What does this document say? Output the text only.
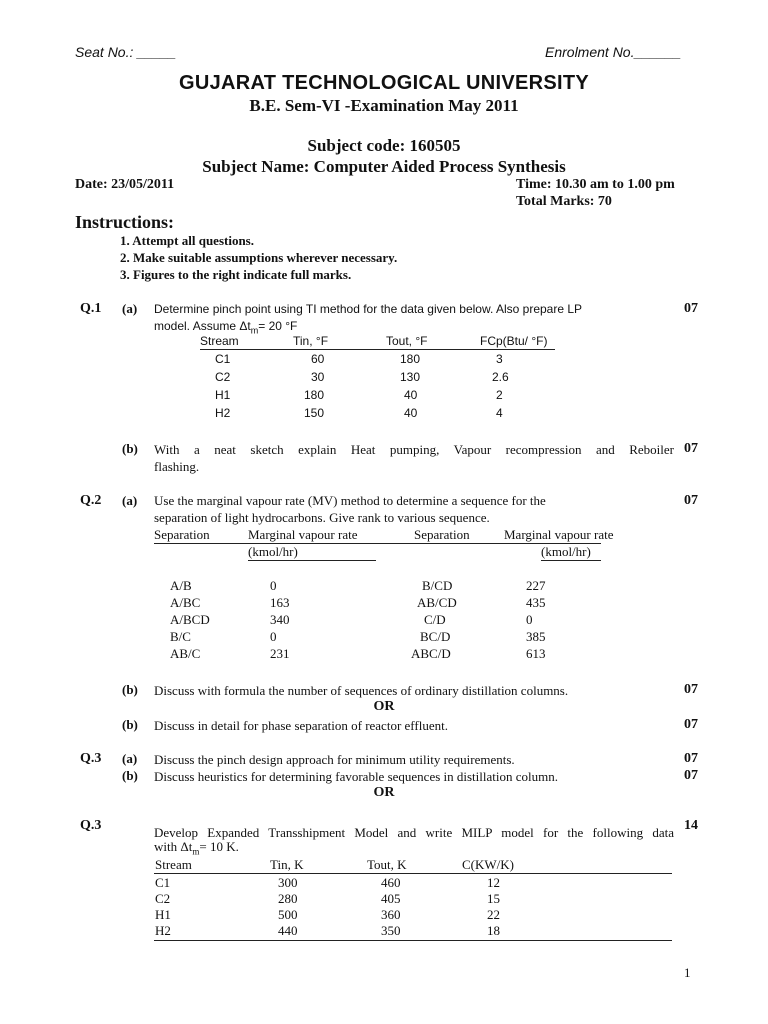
Seat No.: _____	Enrolment No.______
GUJARAT TECHNOLOGICAL UNIVERSITY
B.E. Sem-VI -Examination May 2011
Subject code: 160505
Subject Name: Computer Aided Process Synthesis
Date: 23/05/2011	Time: 10.30 am to 1.00 pm
Total Marks: 70
Instructions:
1. Attempt all questions.
2. Make suitable assumptions wherever necessary.
3. Figures to the right indicate full marks.
Q.1 (a) Determine pinch point using TI method for the data given below. Also prepare LP
model. Assume $\Delta t_m= 20$ °F
07
Stream	Tin, °F	Tout, °F	FCp(Btu/ °F)
C1	60	180	3
C2	30	130	2.6
H1	180	40	2
H2	150	40	4
(b) With a neat sketch explain Heat pumping, Vapour recompression and Reboiler
flashing.
07
Q.2 (a) Use the marginal vapour rate (MV) method to determine a sequence for the
separation of light hydrocarbons. Give rank to various sequence.
07
Separation	Marginal vapour rate	Separation	Marginal vapour rate
(kmol/hr)	(kmol/hr)
A/B	0	B/CD	227
A/BC	163	AB/CD	435
A/BCD	340	C/D	0
B/C	0	BC/D	385
AB/C	231	ABC/D	613
(b) Discuss with formula the number of sequences of ordinary distillation columns.	07
OR
(b) Discuss in detail for phase separation of reactor effluent.	07
Q.3 (a) Discuss the pinch design approach for minimum utility requirements.	07
(b) Discuss heuristics for determining favorable sequences in distillation column.	07
OR
Q.3	14
Develop Expanded Transshipment Model and write MILP model for the following data
with $\Delta t_m= 10$ K.
Stream	Tin, K	Tout, K	C(KW/K)
C1	300	460	12
C2	280	405	15
H1	500	360	22
H2	440	350	18
1
